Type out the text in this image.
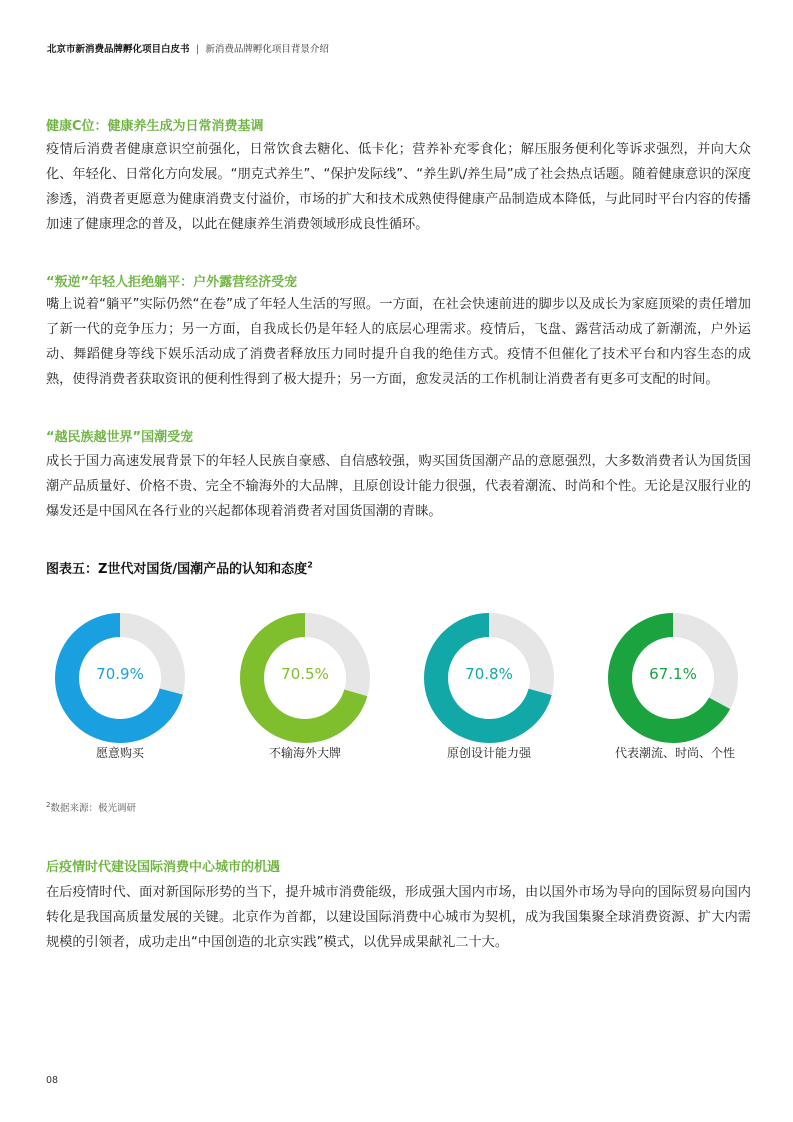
北京市新消费品牌孵化项目白皮书 | 新消费品牌孵化项目背景介绍
健康C位：健康养生成为日常消费基调
疫情后消费者健康意识空前强化，日常饮食去糖化、低卡化；营养补充零食化；解压服务便利化等诉求强烈，并向大众化、年轻化、日常化方向发展。“朋克式养生”、“保护发际线”、“养生趴/养生局”成了社会热点话题。随着健康意识的深度渗透，消费者更愿意为健康消费支付溢价，市场的扩大和技术成熟使得健康产品制造成本降低，与此同时平台内容的传播加速了健康理念的普及，以此在健康养生消费领域形成良性循环。
“叛逆”年轻人拒绝躺平：户外露营经济受宠
嘴上说着“躺平”实际仍然“在卷”成了年轻人生活的写照。一方面，在社会快速前进的脚步以及成长为家庭顶梁的责任增加了新一代的竞争压力；另一方面，自我成长仍是年轻人的底层心理需求。疫情后，飞盘、露营活动成了新潮流，户外运动、舞蹈健身等线下娱乐活动成了消费者释放压力同时提升自我的绝佳方式。疫情不但催化了技术平台和内容生态的成熟，使得消费者获取资讯的便利性得到了极大提升；另一方面，愈发灵活的工作机制让消费者有更多可支配的时间。
“越民族越世界”国潮受宠
成长于国力高速发展背景下的年轻人民族自豪感、自信感较强，购买国货国潮产品的意愿强烈，大多数消费者认为国货国潮产品质量好、价格不贵、完全不输海外的大品牌，且原创设计能力很强，代表着潮流、时尚和个性。无论是汉服行业的爆发还是中国风在各行业的兴起都体现着消费者对国货国潮的青睐。
图表五：Z世代对国货/国潮产品的认知和态度$^2$
70.9%	70.5%	70.8%	67.1%
愿意购买	不输海外大牌	原创设计能力强	代表潮流、时尚、个性
$^2$数据来源：极光调研
后疫情时代建设国际消费中心城市的机遇
在后疫情时代、面对新国际形势的当下，提升城市消费能级，形成强大国内市场，由以国外市场为导向的国际贸易向国内转化是我国高质量发展的关键。北京作为首都，以建设国际消费中心城市为契机，成为我国集聚全球消费资源、扩大内需规模的引领者，成功走出“中国创造的北京实践”模式，以优异成果献礼二十大。
08
